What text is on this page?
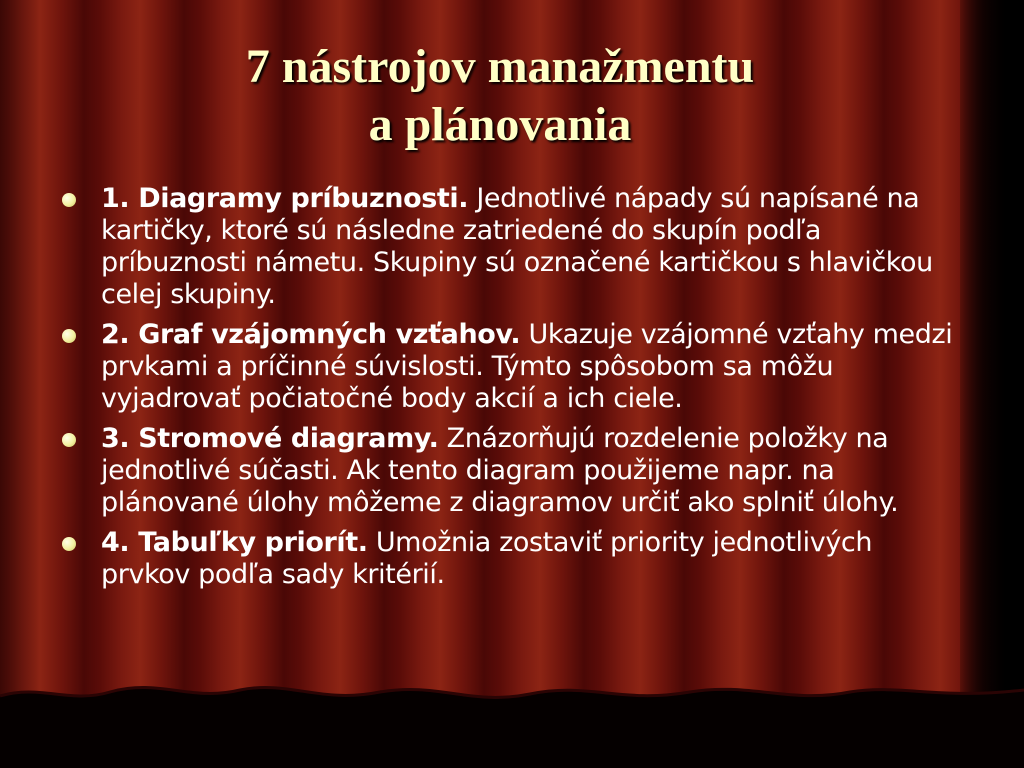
7 nástrojov manažmentu
a plánovania
1. Diagramy príbuznosti. Jednotlivé nápady sú napísané na kartičky, ktoré sú následne zatriedené do skupín podľa príbuznosti námetu. Skupiny sú označené kartičkou s hlavičkou celej skupiny.
2. Graf vzájomných vzťahov. Ukazuje vzájomné vzťahy medzi prvkami a príčinné súvislosti. Týmto spôsobom sa môžu vyjadrovať počiatočné body akcií a ich ciele.
3. Stromové diagramy. Znázorňujú rozdelenie položky na jednotlivé súčasti. Ak tento diagram použijeme napr. na plánované úlohy môžeme z diagramov určiť ako splniť úlohy.
4. Tabuľky priorít. Umožnia zostaviť priority jednotlivých prvkov podľa sady kritérií.
